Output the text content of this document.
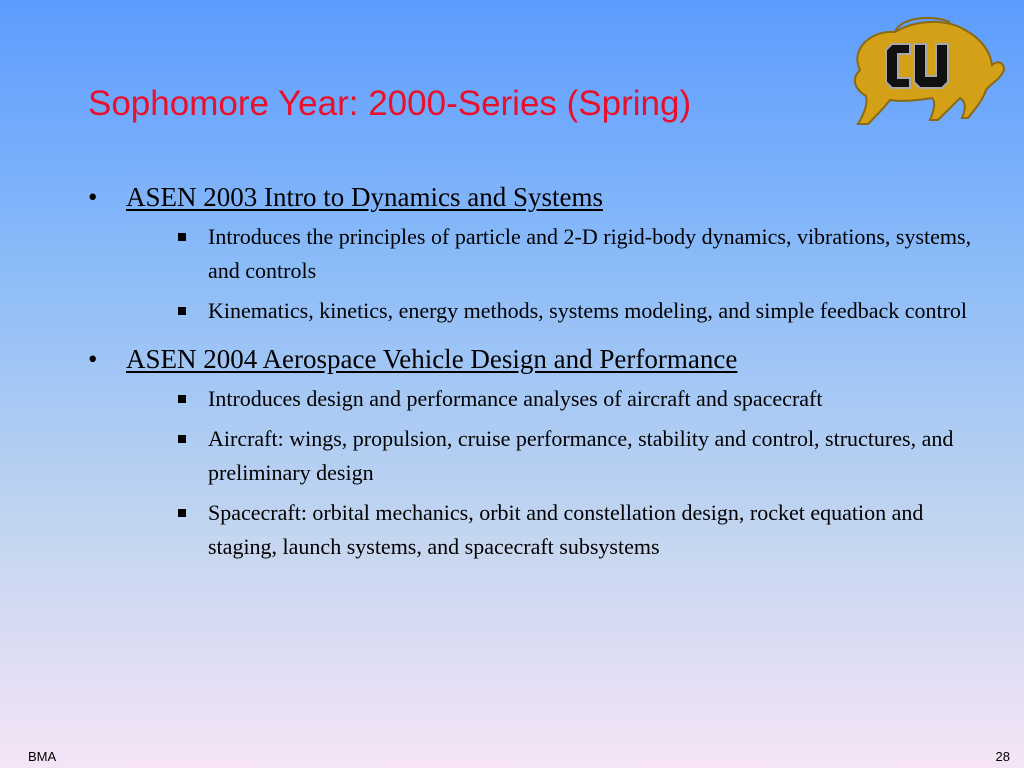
Sophomore Year: 2000-Series (Spring)
• ASEN 2003 Intro to Dynamics and Systems
Introduces the principles of particle and 2-D rigid-body dynamics, vibrations, systems, and controls
Kinematics, kinetics, energy methods, systems modeling, and simple feedback control
• ASEN 2004 Aerospace Vehicle Design and Performance
Introduces design and performance analyses of aircraft and spacecraft
Aircraft: wings, propulsion, cruise performance, stability and control, structures, and preliminary design
Spacecraft: orbital mechanics, orbit and constellation design, rocket equation and staging, launch systems, and spacecraft subsystems
BMA	28
